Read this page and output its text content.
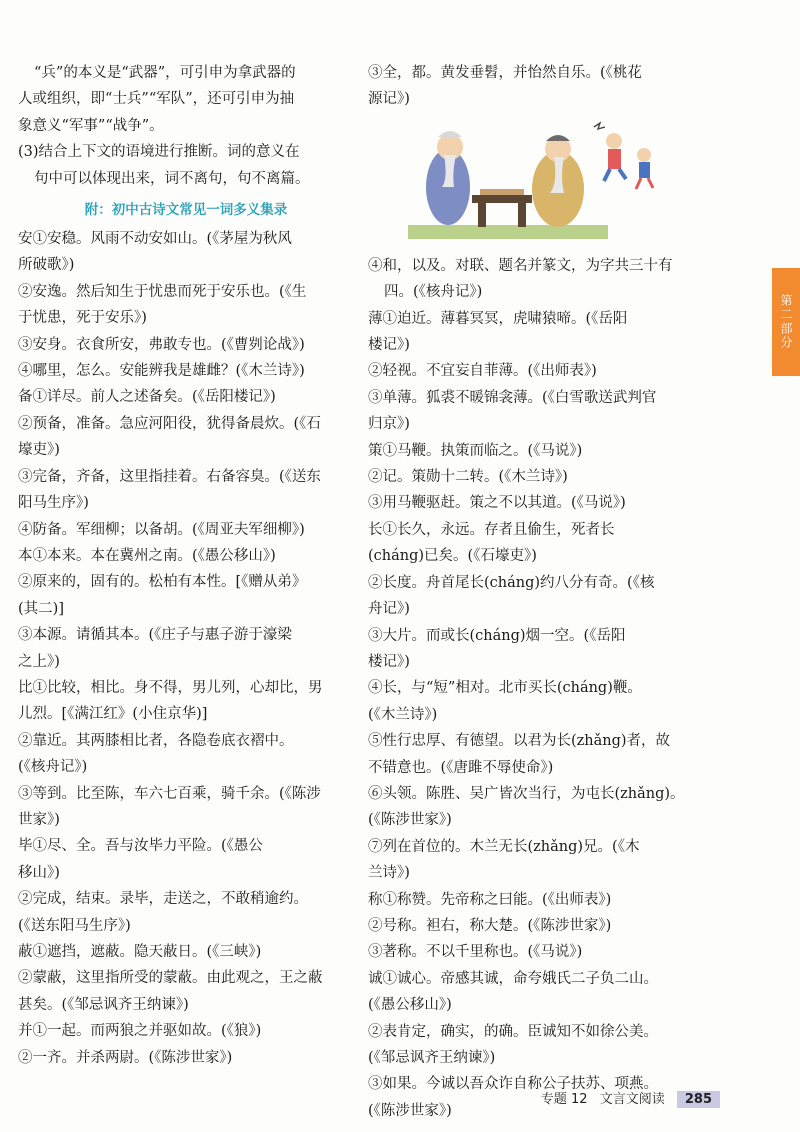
“兵”的本义是“武器”，可引申为拿武器的

人或组织，即“士兵”“军队”，还可引申为抽

象意义“军事”“战争”。

(3)结合上下文的语境进行推断。词的意义在

句中可以体现出来，词不离句，句不离篇。

附：初中古诗文常见一词多义集录

安①安稳。风雨不动安如山。(《茅屋为秋风

所破歌》)

②安逸。然后知生于忧患而死于安乐也。(《生

于忧患，死于安乐》)

③安身。衣食所安，弗敢专也。(《曹刿论战》)

④哪里，怎么。安能辨我是雄雌？(《木兰诗》)

备①详尽。前人之述备矣。(《岳阳楼记》)

②预备，准备。急应河阳役，犹得备晨炊。(《石

壕吏》)

③完备，齐备，这里指挂着。右备容臭。(《送东

阳马生序》)

④防备。军细柳；以备胡。(《周亚夫军细柳》)

本①本来。本在冀州之南。(《愚公移山》)

②原来的，固有的。松柏有本性。[《赠从弟》

(其二)]

③本源。请循其本。(《庄子与惠子游于濠梁

之上》)

比①比较，相比。身不得，男儿列，心却比，男

儿烈。[《满江红》(小住京华)]

②靠近。其两膝相比者，各隐卷底衣褶中。

(《核舟记》)

③等到。比至陈，车六七百乘，骑千余。(《陈涉

世家》)

毕①尽、全。吾与汝毕力平险。(《愚公

移山》)

②完成，结束。录毕，走送之，不敢稍逾约。

(《送东阳马生序》)

蔽①遮挡，遮蔽。隐天蔽日。(《三峡》)

②蒙蔽，这里指所受的蒙蔽。由此观之，王之蔽

甚矣。(《邹忌讽齐王纳谏》)

并①一起。而两狼之并驱如故。(《狼》)

②一齐。并杀两尉。(《陈涉世家》)

③全，都。黄发垂髫，并怡然自乐。(《桃花

源记》)

④和，以及。对联、题名并篆文，为字共三十有

四。(《核舟记》)

薄①迫近。薄暮冥冥，虎啸猿啼。(《岳阳

楼记》)

②轻视。不宜妄自菲薄。(《出师表》)

③单薄。狐裘不暖锦衾薄。(《白雪歌送武判官

归京》)

策①马鞭。执策而临之。(《马说》)

②记。策勋十二转。(《木兰诗》)

③用马鞭驱赶。策之不以其道。(《马说》)

长①长久，永远。存者且偷生，死者长

(cháng)已矣。(《石壕吏》)

②长度。舟首尾长(cháng)约八分有奇。(《核

舟记》)

③大片。而或长(cháng)烟一空。(《岳阳

楼记》)

④长，与“短”相对。北市买长(cháng)鞭。

(《木兰诗》)

⑤性行忠厚、有德望。以君为长(zhǎng)者，故

不错意也。(《唐雎不辱使命》)

⑥头领。陈胜、吴广皆次当行，为屯长(zhǎng)。

(《陈涉世家》)

⑦列在首位的。木兰无长(zhǎng)兄。(《木

兰诗》)

称①称赞。先帝称之曰能。(《出师表》)

②号称。袒右，称大楚。(《陈涉世家》)

③著称。不以千里称也。(《马说》)

诚①诚心。帝感其诚，命夸娥氏二子负二山。

(《愚公移山》)

②表肯定，确实，的确。臣诚知不如徐公美。

(《邹忌讽齐王纳谏》)

③如果。今诚以吾众诈自称公子扶苏、项燕。

(《陈涉世家》)

第二部分
专题 12 文言文阅读 285
